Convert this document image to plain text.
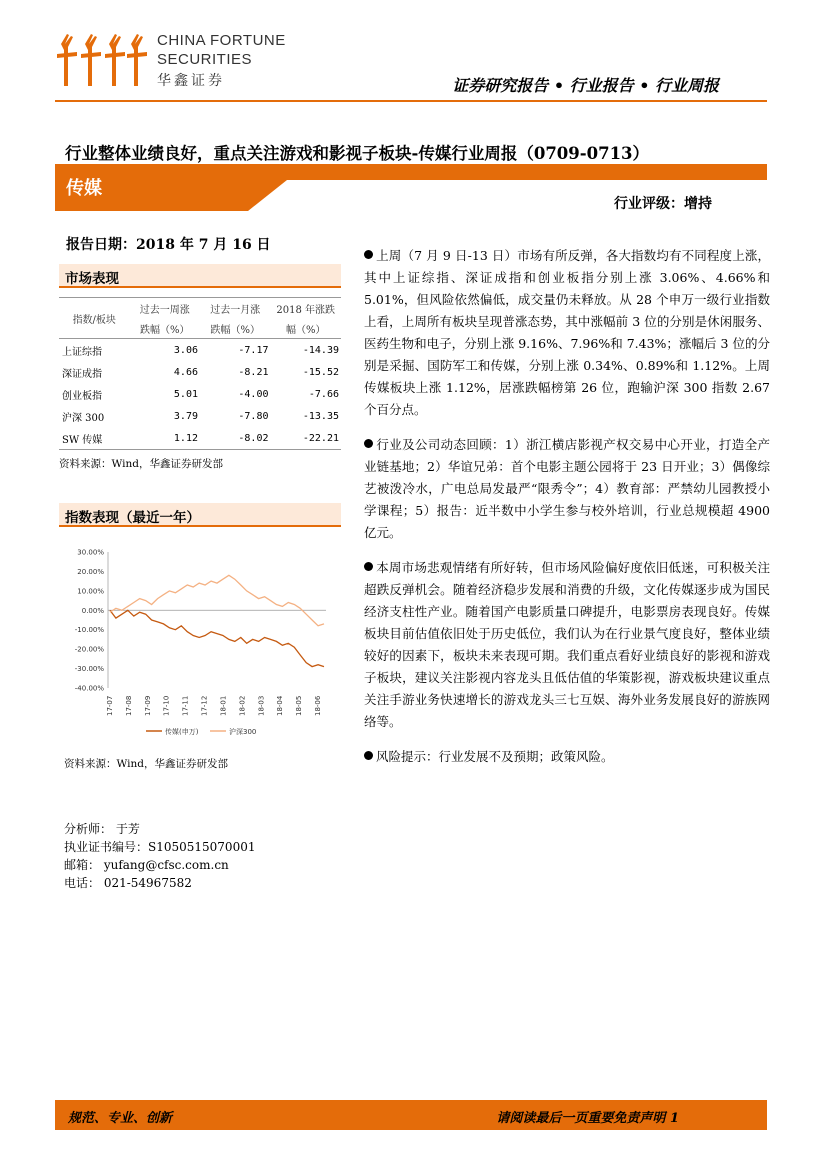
CHINA FORTUNE
SECURITIES
华鑫证券	证券研究报告 • 行业报告 • 行业周报
行业整体业绩良好，重点关注游戏和影视子板块-传媒行业周报（0709-0713）
传媒
行业评级：增持
报告日期：2018 年 7 月 16 日
市场表现
指数/板块	过去一周涨	过去一月涨	2018 年涨跌
	跌幅（%）	跌幅（%）	幅（%）
上证综指	3.06	-7.17	-14.39
深证成指	4.66	-8.21	-15.52
创业板指	5.01	-4.00	-7.66
沪深 300	3.79	-7.80	-13.35
SW 传媒	1.12	-8.02	-22.21
资料来源：Wind，华鑫证券研发部
指数表现（最近一年）
30.00%
20.00%
10.00%
0.00%
-10.00%
-20.00%
-30.00%
-40.00%
17-07 17-08 17-09 17-10 17-11 17-12 18-01 18-02 18-03 18-04 18-05 18-06
传媒(申万)	沪深300
资料来源：Wind，华鑫证券研发部

上周（7 月 9 日-13 日）市场有所反弹，各大指数均有不同程度上涨，其中上证综指、深证成指和创业板指分别上涨 3.06%、4.66%和 5.01%，但风险依然偏低，成交量仍未释放。从 28 个申万一级行业指数上看，上周所有板块呈现普涨态势，其中涨幅前 3 位的分别是休闲服务、医药生物和电子，分别上涨 9.16%、7.96%和 7.43%；涨幅后 3 位的分别是采掘、国防军工和传媒，分别上涨 0.34%、0.89%和 1.12%。上周传媒板块上涨 1.12%，居涨跌幅榜第 26 位，跑输沪深 300 指数 2.67 个百分点。

行业及公司动态回顾：1）浙江横店影视产权交易中心开业，打造全产业链基地；2）华谊兄弟：首个电影主题公园将于 23 日开业；3）偶像综艺被泼冷水，广电总局发最严“限秀令”；4）教育部：严禁幼儿园教授小学课程；5）报告：近半数中小学生参与校外培训，行业总规模超 4900 亿元。

本周市场悲观情绪有所好转，但市场风险偏好度依旧低迷，可积极关注超跌反弹机会。随着经济稳步发展和消费的升级，文化传媒逐步成为国民经济支柱性产业。随着国产电影质量口碑提升，电影票房表现良好。传媒板块目前估值依旧处于历史低位，我们认为在行业景气度良好，整体业绩较好的因素下，板块未来表现可期。我们重点看好业绩良好的影视和游戏子板块，建议关注影视内容龙头且低估值的华策影视，游戏板块建议重点关注手游业务快速增长的游戏龙头三七互娱、海外业务发展良好的游族网络等。

风险提示：行业发展不及预期；政策风险。

分析师： 于芳
执业证书编号：S1050515070001
邮箱： yufang@cfsc.com.cn
电话： 021-54967582
规范、专业、创新	请阅读最后一页重要免责声明 1
